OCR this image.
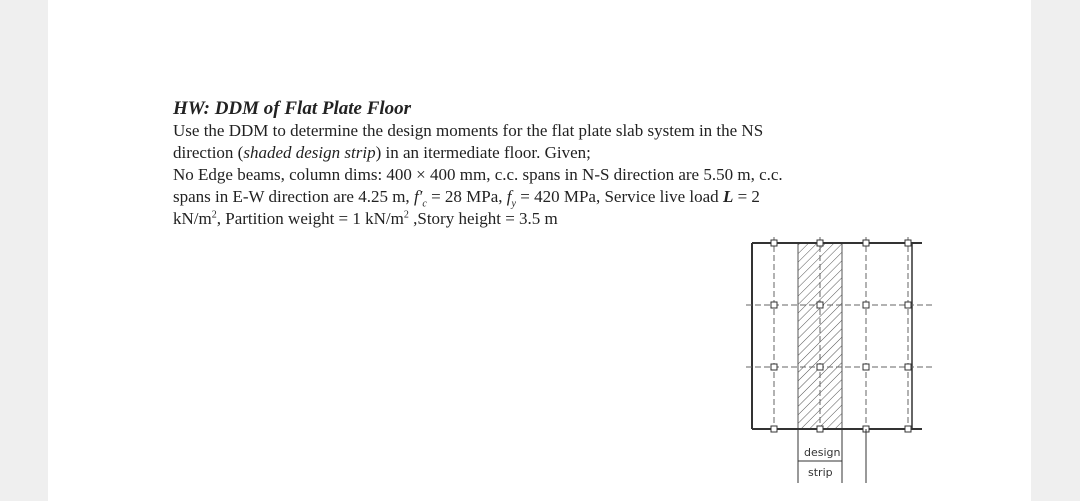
HW: DDM of Flat Plate Floor

Use the DDM to determine the design moments for the flat plate slab system in the NS

direction (shaded design strip) in an itermediate floor. Given;

No Edge beams, column dims: 400 × 400 mm, c.c. spans in N-S direction are 5.50 m, c.c.

spans in E-W direction are 4.25 m, $f'_c = 28$ MPa, $f_y = 420$ MPa, Service live load L = 2

$kN/m^2$, Partition weight = 1 $kN/m^2$ ,Story height = 3.5 m

design
strip
